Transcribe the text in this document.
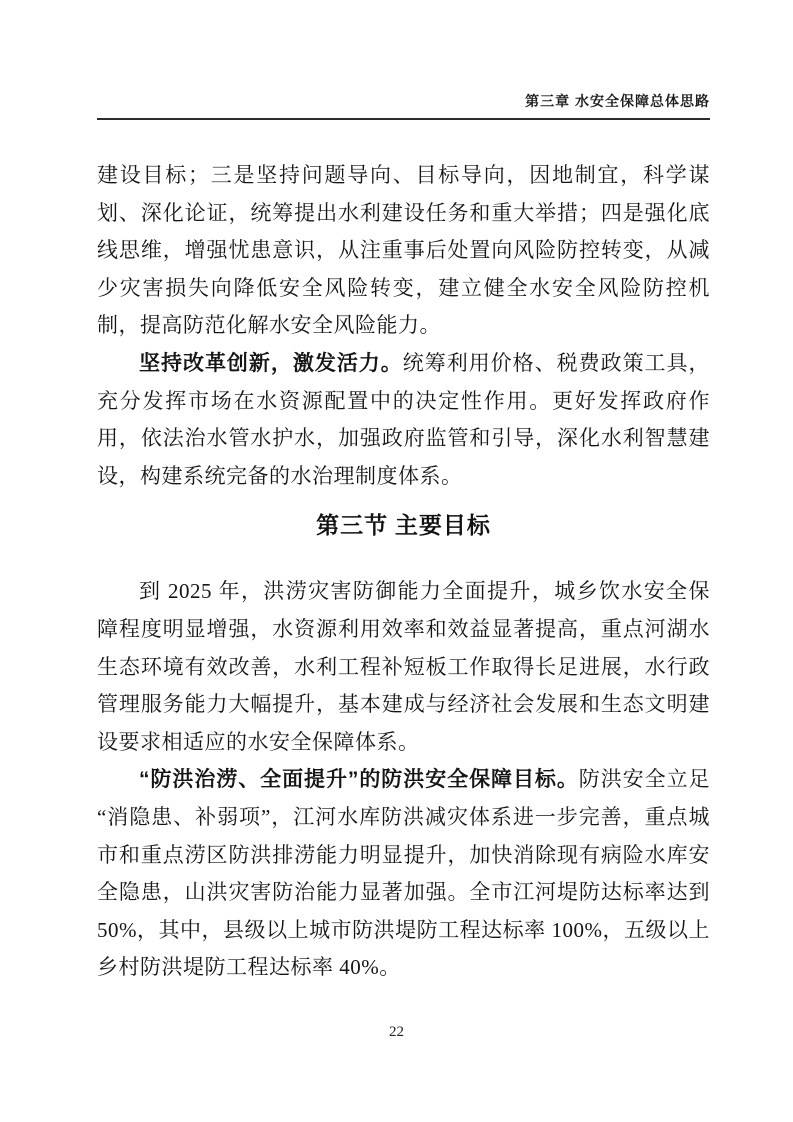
第三章 水安全保障总体思路

建设目标；三是坚持问题导向、目标导向，因地制宜，科学谋划、深化论证，统筹提出水利建设任务和重大举措；四是强化底线思维，增强忧患意识，从注重事后处置向风险防控转变，从减少灾害损失向降低安全风险转变，建立健全水安全风险防控机制，提高防范化解水安全风险能力。

坚持改革创新，激发活力。统筹利用价格、税费政策工具，充分发挥市场在水资源配置中的决定性作用。更好发挥政府作用，依法治水管水护水，加强政府监管和引导，深化水利智慧建设，构建系统完备的水治理制度体系。

第三节 主要目标

到 2025 年，洪涝灾害防御能力全面提升，城乡饮水安全保障程度明显增强，水资源利用效率和效益显著提高，重点河湖水生态环境有效改善，水利工程补短板工作取得长足进展，水行政管理服务能力大幅提升，基本建成与经济社会发展和生态文明建设要求相适应的水安全保障体系。

“防洪治涝、全面提升”的防洪安全保障目标。防洪安全立足“消隐患、补弱项”，江河水库防洪减灾体系进一步完善，重点城市和重点涝区防洪排涝能力明显提升，加快消除现有病险水库安全隐患，山洪灾害防治能力显著加强。全市江河堤防达标率达到 50%，其中，县级以上城市防洪堤防工程达标率 100%，五级以上乡村防洪堤防工程达标率 40%。

22
